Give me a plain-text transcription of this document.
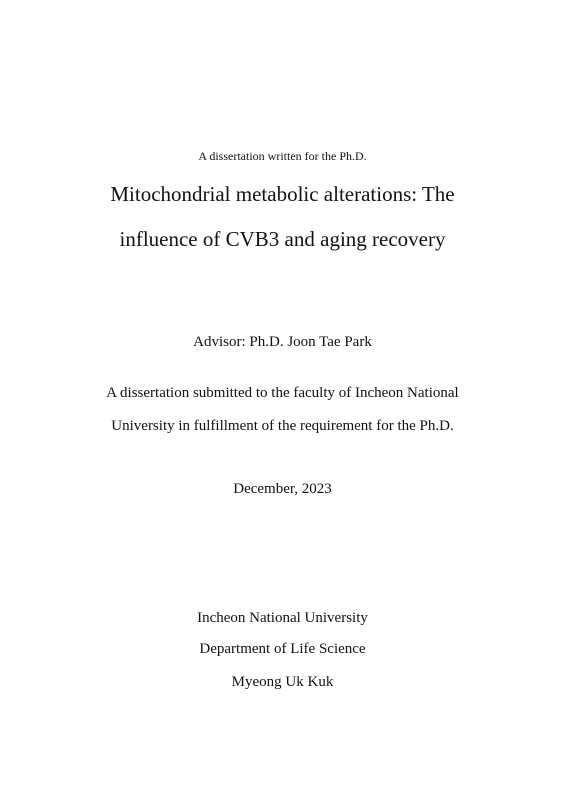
A dissertation written for the Ph.D.
Mitochondrial metabolic alterations: The
influence of CVB3 and aging recovery
Advisor: Ph.D. Joon Tae Park
A dissertation submitted to the faculty of Incheon National
University in fulfillment of the requirement for the Ph.D.
December, 2023
Incheon National University
Department of Life Science
Myeong Uk Kuk
